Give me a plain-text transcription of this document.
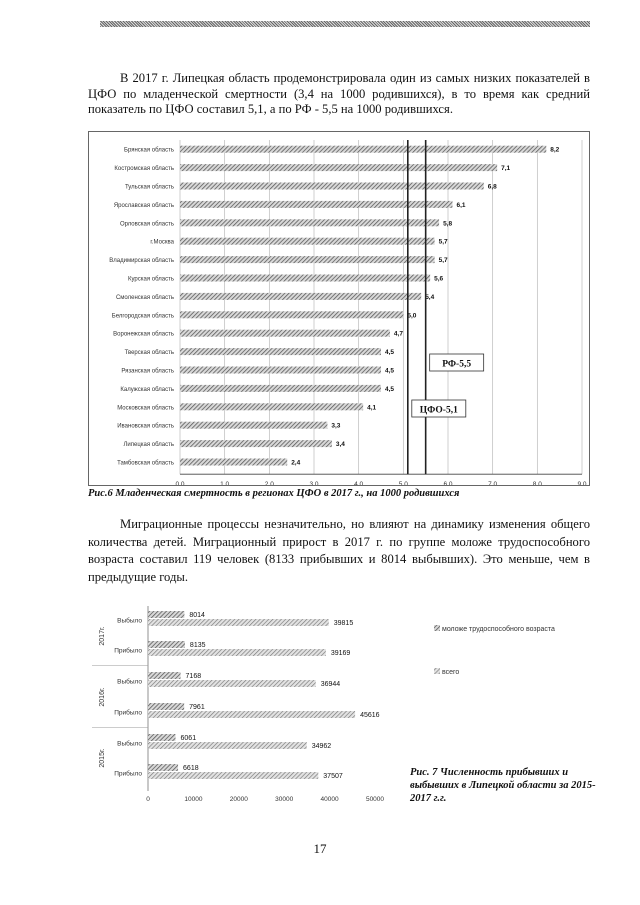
В 2017 г. Липецкая область продемонстрировала один из самых низких показателей в ЦФО по младенческой смертности (3,4 на 1000 родившихся), в то время как средний показатель по ЦФО составил 5,1, а по РФ - 5,5 на 1000 родившихся.

0,0	1,0	2,0	3,0	4,0	5,0	6,0	7,0	8,0	9,0
Брянская область	8,2
Костромская область	7,1
Тульская область	6,8
Ярославская область	6,1
Орловская область	5,8
г.Москва	5,7
Владимирская область	5,7
Курская область	5,6
Смоленская область	5,4
Белгородская область	5,0
Воронежская область	4,7
Тверская область	4,5
Рязанская область	4,5
Калужская область	4,5
Московская область	4,1
Ивановская область	3,3
Липецкая область	3,4
Тамбовская область	2,4
РФ-5,5
ЦФО-5,1

Рис.6 Младенческая смертность в регионах ЦФО в 2017 г., на 1000 родившихся

Миграционные процессы незначительно, но влияют на динамику изменения общего количества детей. Миграционный прирост в 2017 г. по группе моложе трудоспособного возраста составил 119 человек (8133 прибывших и 8014 выбывших). Это меньше, чем в предыдущие годы.

0	10000	20000	30000	40000	50000
2017г.
2016г.
2015г.
Выбыло	39815
8014
Прибыло	39169
8135
Выбыло	36944
7168
Прибыло	45616
7961
Выбыло	34962
6061
Прибыло	37507
6618
моложе трудоспособного возраста
всего

Рис. 7 Численность прибывших и выбывших в Липецкой области за 2015-2017 г.г.

17
